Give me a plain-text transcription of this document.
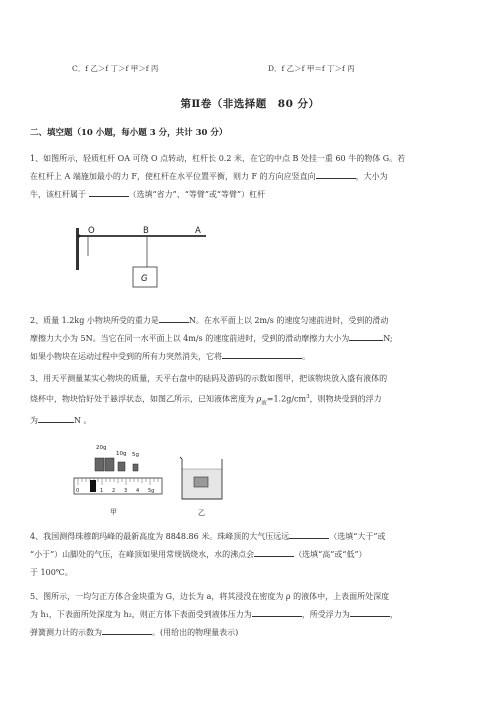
C．f 乙＞f 丁＞f 甲＞f 丙	D．f 乙＞f 甲＝f 丁＞f 丙
第Ⅱ卷（非选择题　80 分）
二、填空题（10 小题，每小题 3 分，共计 30 分）
1、如图所示，轻质杠杆 OA 可绕 O 点转动，杠杆长 0.2 米，在它的中点 B 处挂一重 60 牛的物体 G。若
在杠杆上 A 端施加最小的力 F，使杠杆在水平位置平衡，则力 F 的方向应竖直向	，大小为
牛，该杠杆属于	（选填“省力”、“等臂”或“等臂”）杠杆
O	B	A
G
2、质量 1.2kg 小物块所受的重力是	N。在水平面上以 2m/s 的速度匀速前进时，受到的滑动
摩擦力大小为 5N。当它在同一水平面上以 4m/s 的速度前进时，受到的滑动摩擦力大小为	N;
如果小物块在运动过程中受到的所有力突然消失，它将	。
3、用天平测量某实心物块的质量，天平右盘中的砝码及游码的示数如图甲，把该物块放入盛有液体的
烧杯中，物块恰好处于悬浮状态，如图乙所示，已知液体密度为 $\rho_液=1.2g/cm^3$，则物块受到的浮力
为	N 。
20g
10g 5g
0	1 2 3 4 5g
甲	乙
4、我国测得珠穆朗玛峰的最新高度为 8848.86 米。珠峰顶的大气压远远	（选填“大于”或
“小于”）山脚处的气压，在峰顶如果用常规锅烧水，水的沸点会	（选填“高”或“低”）
于 100℃。
5、图所示，一均匀正方体合金块重为 G，边长为 a，将其浸没在密度为 ρ 的液体中，上表面所处深度
为 h₁，下表面所处深度为 h₂，则正方体下表面受到液体压力为	，所受浮力为	，
弹簧测力计的示数为	。(用给出的物理量表示)
